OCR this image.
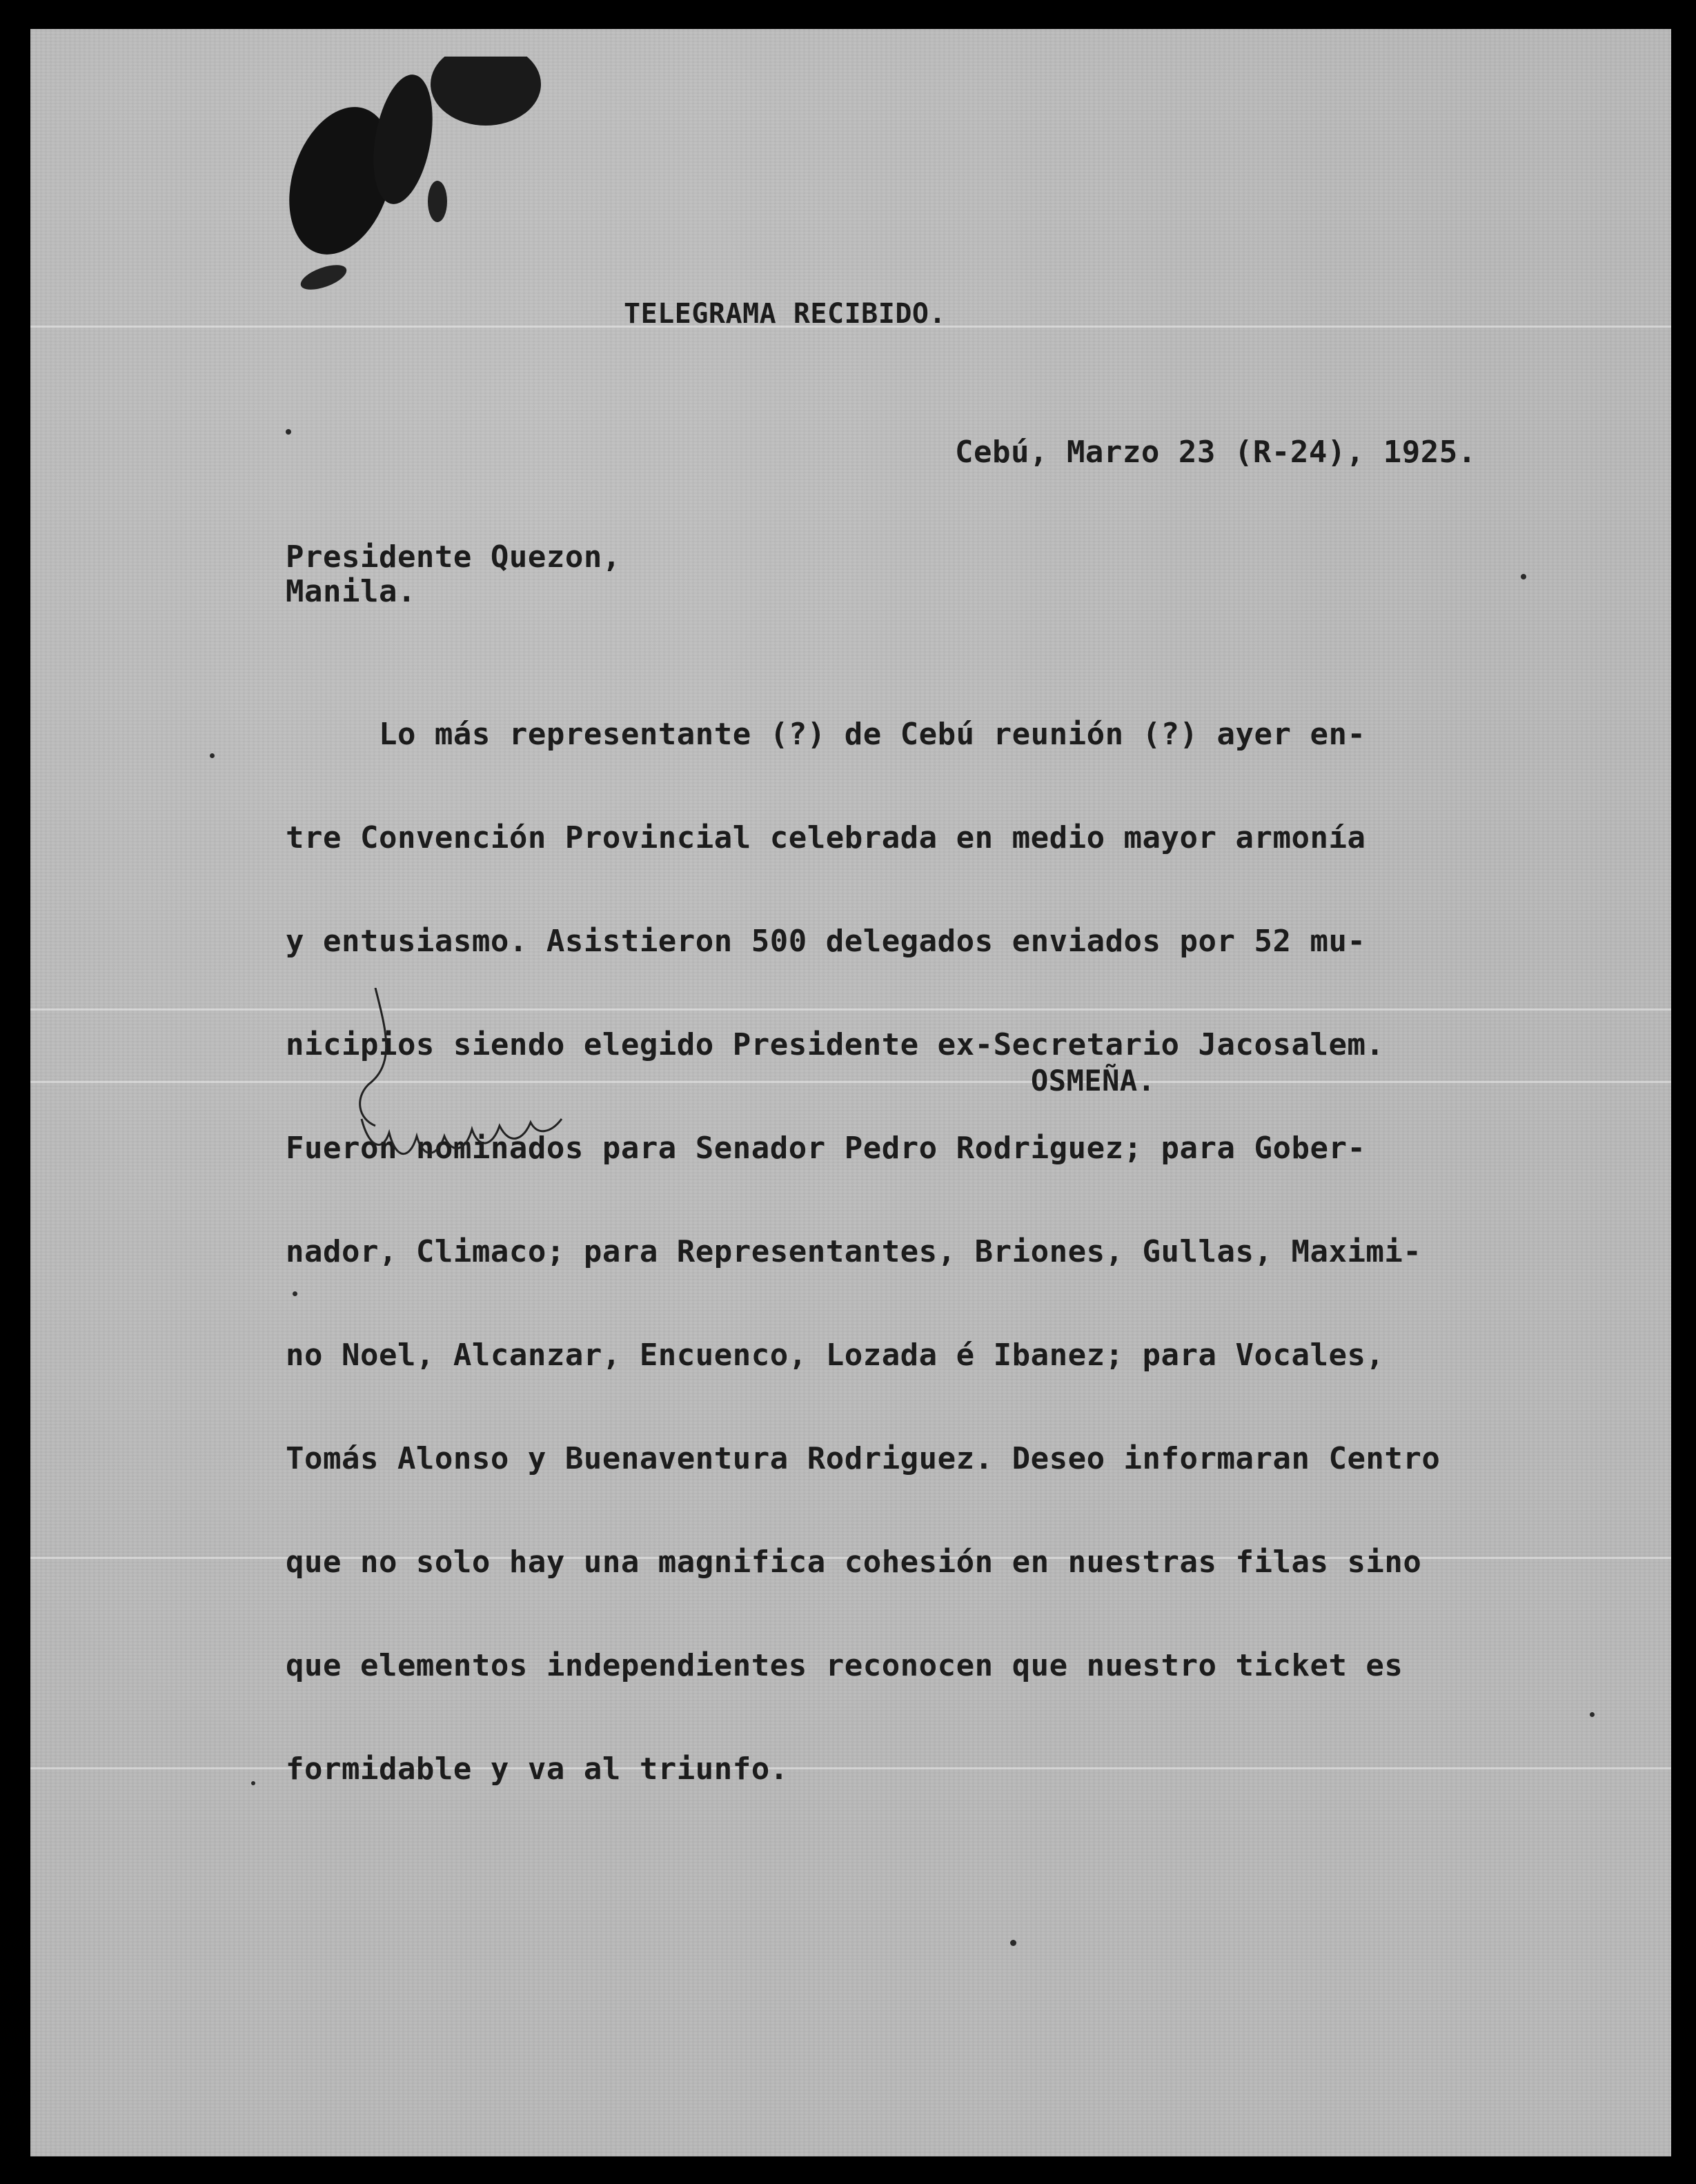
TELEGRAMA RECIBIDO.

Cebú, Marzo 23 (R-24), 1925.

Presidente Quezon,

Manila.

Lo más representante (?) de Cebú reunión (?) ayer en-

tre Convención Provincial celebrada en medio mayor armonía

y entusiasmo. Asistieron 500 delegados enviados por 52 mu-

nicipios siendo elegido Presidente ex-Secretario Jacosalem.

Fueron nominados para Senador Pedro Rodriguez; para Gober-

nador, Climaco; para Representantes, Briones, Gullas, Maximi-

no Noel, Alcanzar, Encuenco, Lozada é Ibanez; para Vocales,

Tomás Alonso y Buenaventura Rodriguez. Deseo informaran Centro

que no solo hay una magnifica cohesión en nuestras filas sino

que elementos independientes reconocen que nuestro ticket es

formidable y va al triunfo.

OSMEÑA.
